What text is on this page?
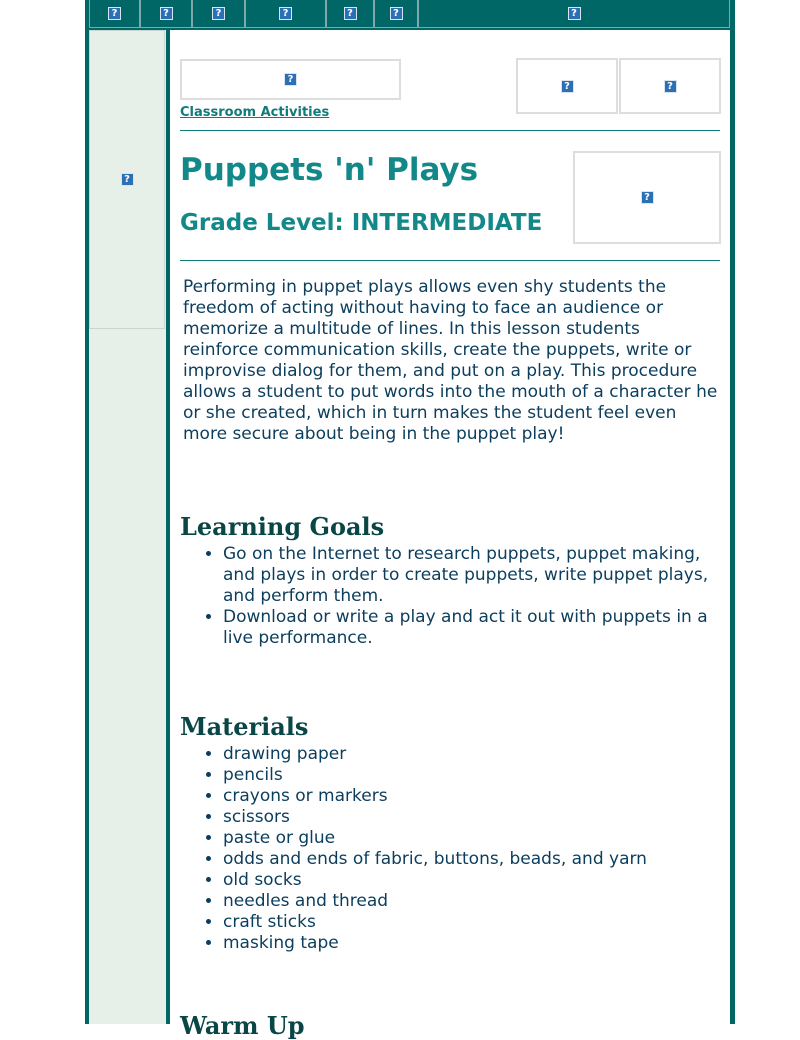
?	?	?	?	?	?	?
?
?
?	?
Classroom Activities
Puppets 'n' Plays
Grade Level: INTERMEDIATE
?

Performing in puppet plays allows even shy students the freedom of acting without having to face an audience or memorize a multitude of lines. In this lesson students reinforce communication skills, create the puppets, write or improvise dialog for them, and put on a play. This procedure allows a student to put words into the mouth of a character he or she created, which in turn makes the student feel even more secure about being in the puppet play!

Learning Goals
• Go on the Internet to research puppets, puppet making, and plays in order to create puppets, write puppet plays, and perform them.
• Download or write a play and act it out with puppets in a live performance.
Materials
• drawing paper
• pencils
• crayons or markers
• scissors
• paste or glue
• odds and ends of fabric, buttons, beads, and yarn
• old socks
• needles and thread
• craft sticks
• masking tape
Warm Up
